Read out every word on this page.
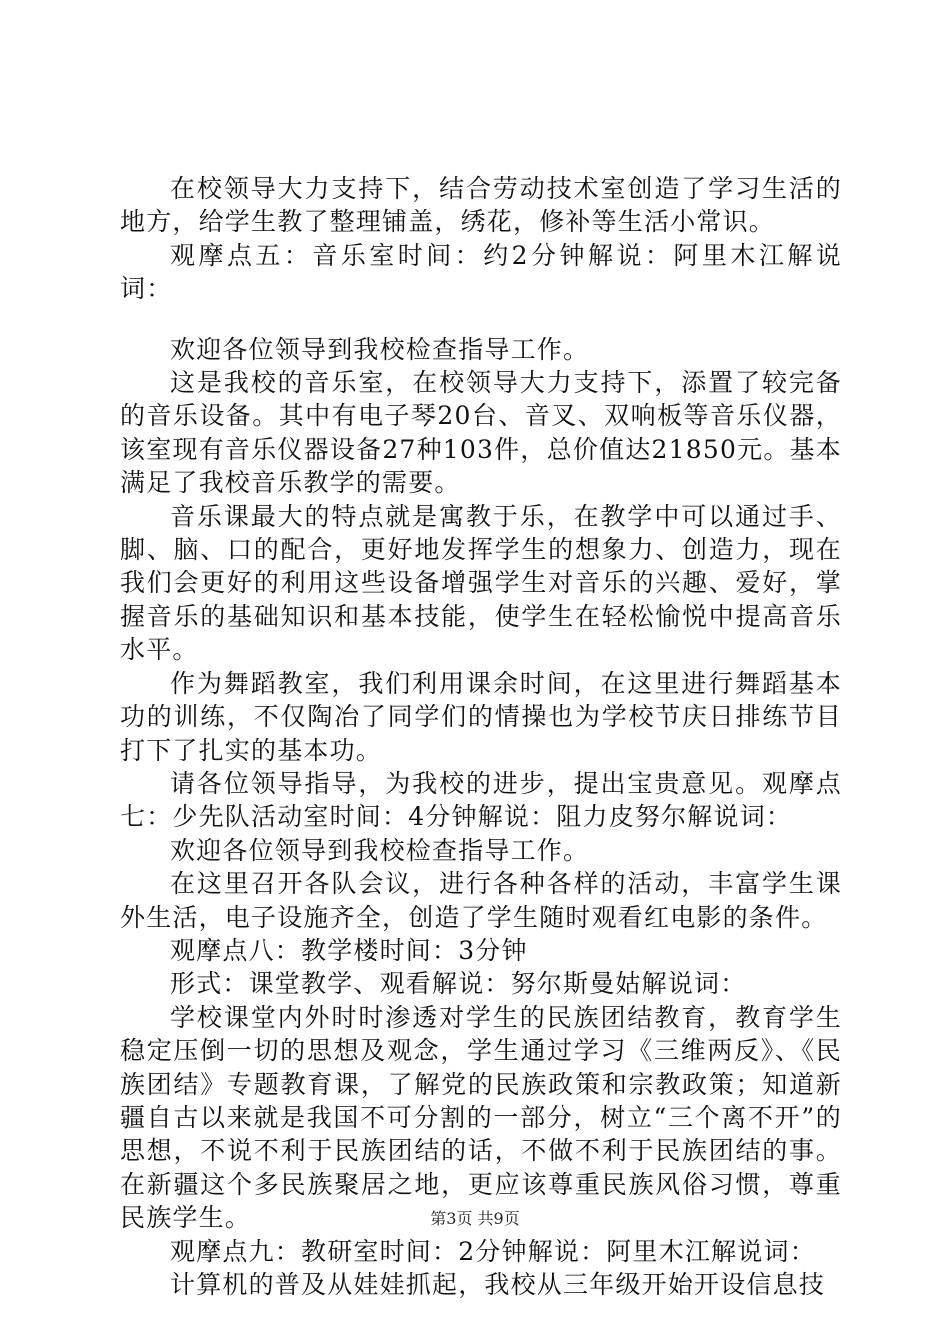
在校领导大力支持下，结合劳动技术室创造了学习生活的地方，给学生教了整理铺盖，绣花，修补等生活小常识。

观摩点五：音乐室时间：约2分钟解说：阿里木江解说词：

欢迎各位领导到我校检查指导工作。

这是我校的音乐室，在校领导大力支持下，添置了较完备的音乐设备。其中有电子琴20台、音叉、双响板等音乐仪器，该室现有音乐仪器设备27种103件，总价值达21850元。基本满足了我校音乐教学的需要。

音乐课最大的特点就是寓教于乐，在教学中可以通过手、脚、脑、口的配合，更好地发挥学生的想象力、创造力，现在我们会更好的利用这些设备增强学生对音乐的兴趣、爱好，掌握音乐的基础知识和基本技能，使学生在轻松愉悦中提高音乐水平。

作为舞蹈教室，我们利用课余时间，在这里进行舞蹈基本功的训练，不仅陶冶了同学们的情操也为学校节庆日排练节目打下了扎实的基本功。

请各位领导指导，为我校的进步，提出宝贵意见。观摩点七：少先队活动室时间：4分钟解说：阻力皮努尔解说词：

欢迎各位领导到我校检查指导工作。

在这里召开各队会议，进行各种各样的活动，丰富学生课外生活，电子设施齐全，创造了学生随时观看红电影的条件。

观摩点八：教学楼时间：3分钟

形式：课堂教学、观看解说：努尔斯曼姑解说词：

学校课堂内外时时渗透对学生的民族团结教育，教育学生稳定压倒一切的思想及观念，学生通过学习《三维两反》、《民族团结》专题教育课，了解党的民族政策和宗教政策；知道新疆自古以来就是我国不可分割的一部分，树立“三个离不开”的思想，不说不利于民族团结的话，不做不利于民族团结的事。在新疆这个多民族聚居之地，更应该尊重民族风俗习惯，尊重民族学生。

观摩点九：教研室时间：2分钟解说：阿里木江解说词：

计算机的普及从娃娃抓起，我校从三年级开始开设信息技

第3页 共9页
